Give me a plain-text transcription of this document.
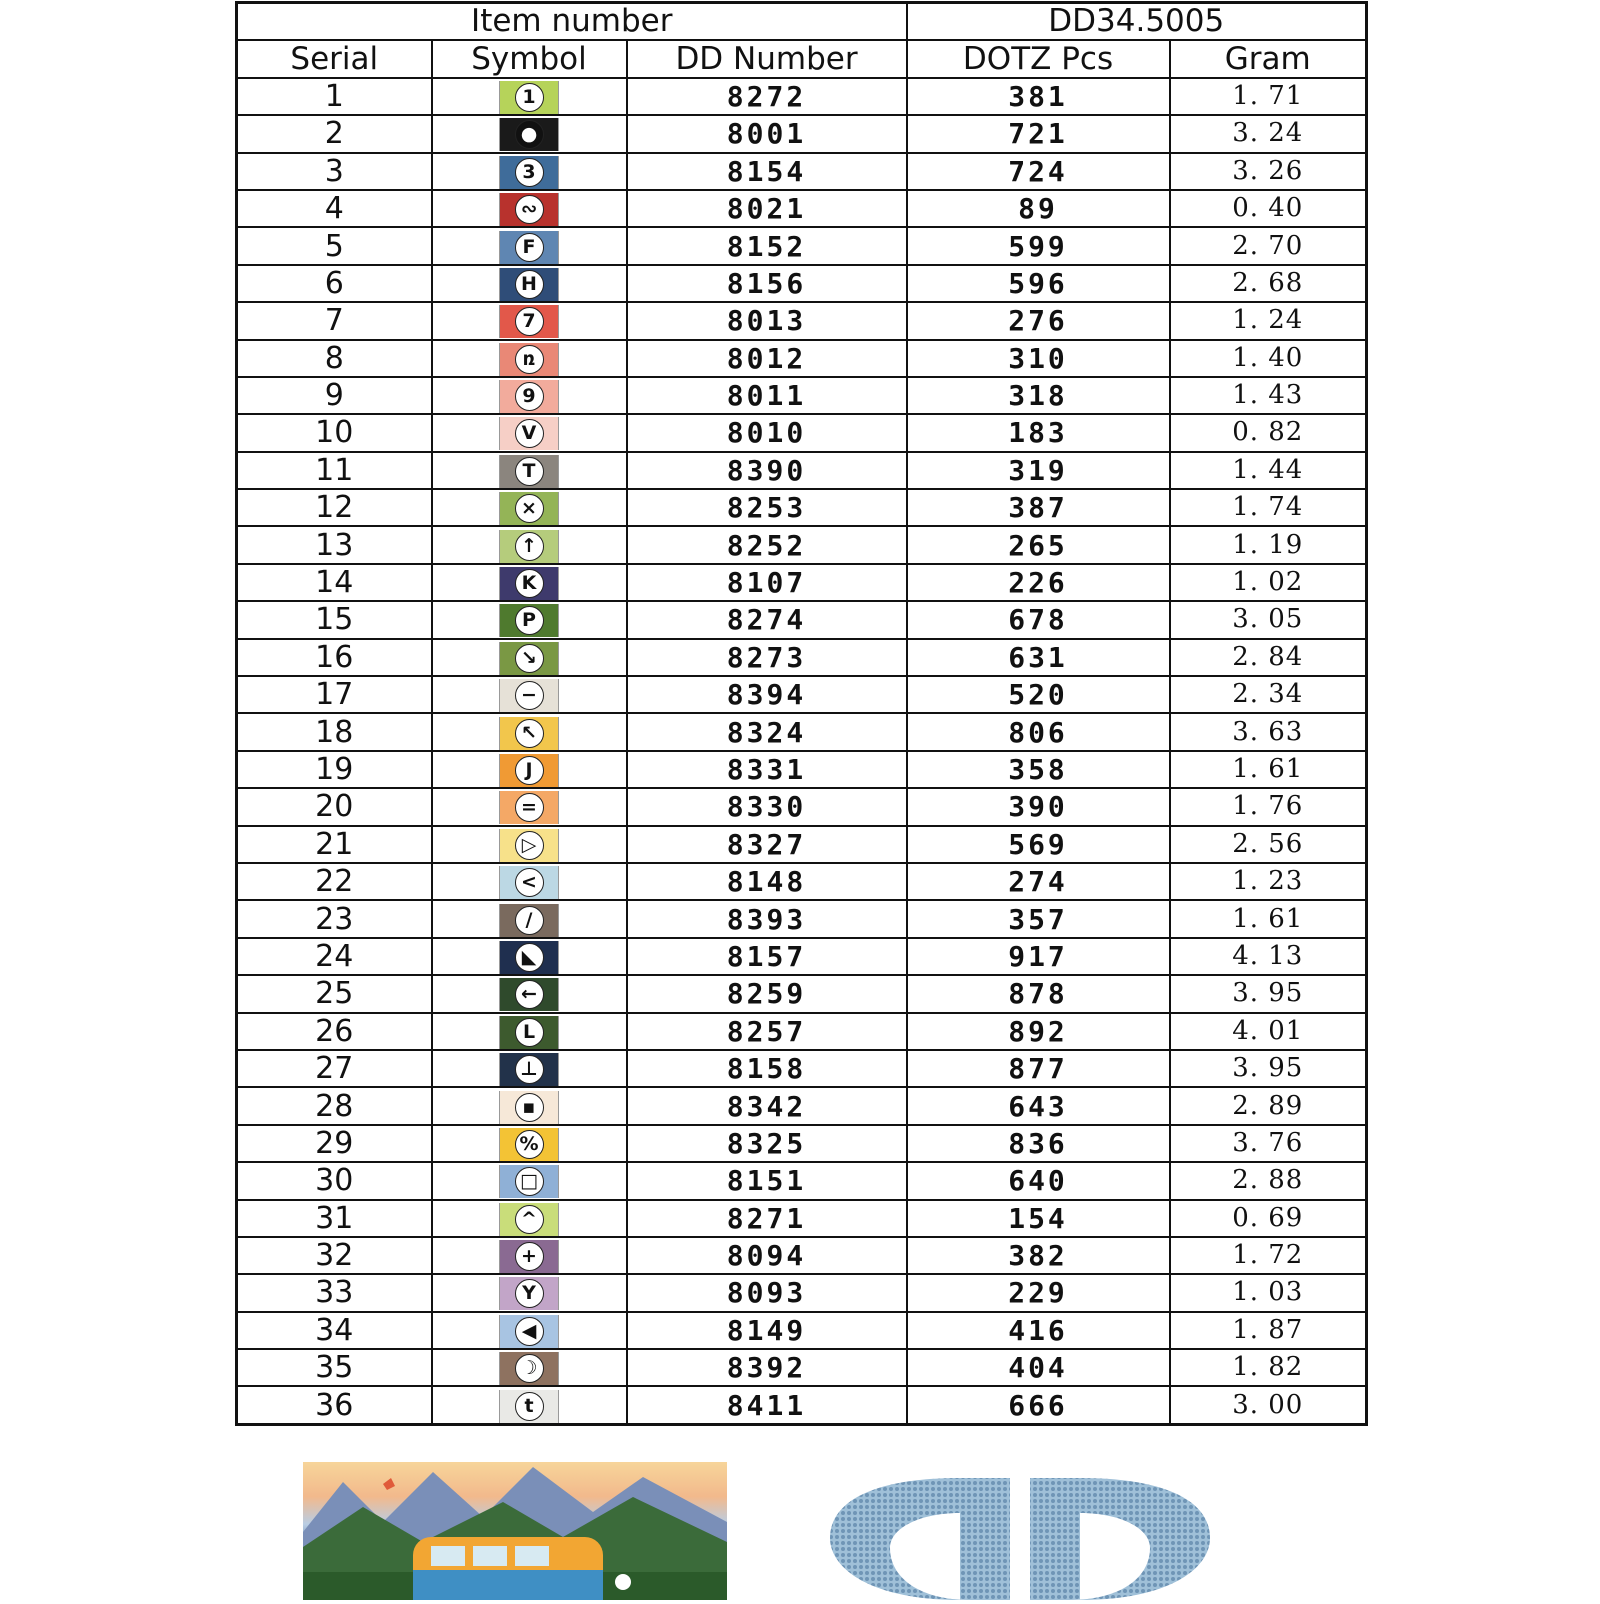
Item number			DD34.5005	
Serial	Symbol	DD Number	DOTZ Pcs	Gram
1	1	8272	381	1. 71
2	●	8001	721	3. 24
3	3	8154	724	3. 26
4	∾	8021	89	0. 40
5	F	8152	599	2. 70
6	H	8156	596	2. 68
7	7	8013	276	1. 24
8	ռ	8012	310	1. 40
9	9	8011	318	1. 43
10	V	8010	183	0. 82
11	T	8390	319	1. 44
12	×	8253	387	1. 74
13	↑	8252	265	1. 19
14	K	8107	226	1. 02
15	P	8274	678	3. 05
16	↘	8273	631	2. 84
17	−	8394	520	2. 34
18	↖	8324	806	3. 63
19	J	8331	358	1. 61
20	=	8330	390	1. 76
21	▷	8327	569	2. 56
22	<	8148	274	1. 23
23	/	8393	357	1. 61
24	◣	8157	917	4. 13
25	←	8259	878	3. 95
26	L	8257	892	4. 01
27	⊥	8158	877	3. 95
28	▪	8342	643	2. 89
29	%	8325	836	3. 76
30	□	8151	640	2. 88
31	^	8271	154	0. 69
32	+	8094	382	1. 72
33	Y	8093	229	1. 03
34	◀	8149	416	1. 87
35	☽	8392	404	1. 82
36	t	8411	666	3. 00
